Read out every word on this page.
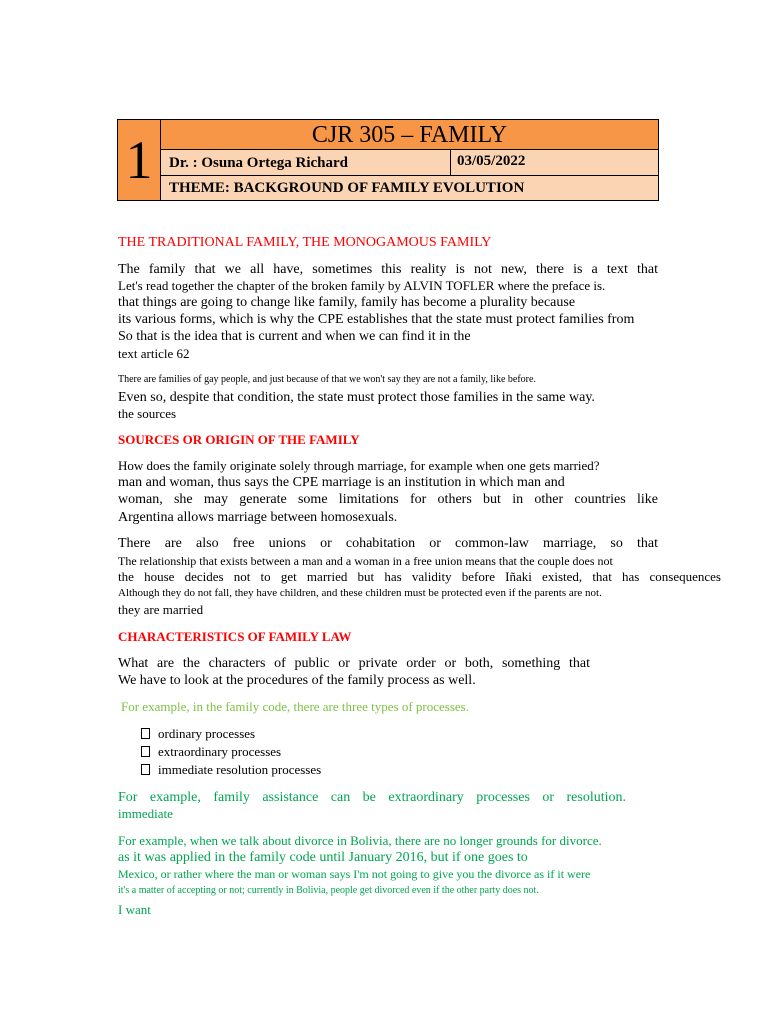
1	CJR 305 – FAMILY
Dr. : Osuna Ortega Richard	03/05/2022
THEME: BACKGROUND OF FAMILY EVOLUTION
THE TRADITIONAL FAMILY, THE MONOGAMOUS FAMILY
The family that we all have, sometimes this reality is not new, there is a text that
Let's read together the chapter of the broken family by ALVIN TOFLER where the preface is.
that things are going to change like family, family has become a plurality because
its various forms, which is why the CPE establishes that the state must protect families from
So that is the idea that is current and when we can find it in the
text article 62
There are families of gay people, and just because of that we won't say they are not a family, like before.
Even so, despite that condition, the state must protect those families in the same way.
the sources
SOURCES OR ORIGIN OF THE FAMILY
How does the family originate solely through marriage, for example when one gets married?
man and woman, thus says the CPE marriage is an institution in which man and
woman, she may generate some limitations for others but in other countries like
Argentina allows marriage between homosexuals.
There are also free unions or cohabitation or common-law marriage, so that
The relationship that exists between a man and a woman in a free union means that the couple does not
the house decides not to get married but has validity before Iñaki existed, that has consequences
Although they do not fall, they have children, and these children must be protected even if the parents are not.
they are married
CHARACTERISTICS OF FAMILY LAW
What are the characters of public or private order or both, something that
We have to look at the procedures of the family process as well.
For example, in the family code, there are three types of processes.
ordinary processes
extraordinary processes
immediate resolution processes
For example, family assistance can be extraordinary processes or resolution.
immediate
For example, when we talk about divorce in Bolivia, there are no longer grounds for divorce.
as it was applied in the family code until January 2016, but if one goes to
Mexico, or rather where the man or woman says I'm not going to give you the divorce as if it were
it's a matter of accepting or not; currently in Bolivia, people get divorced even if the other party does not.
I want
